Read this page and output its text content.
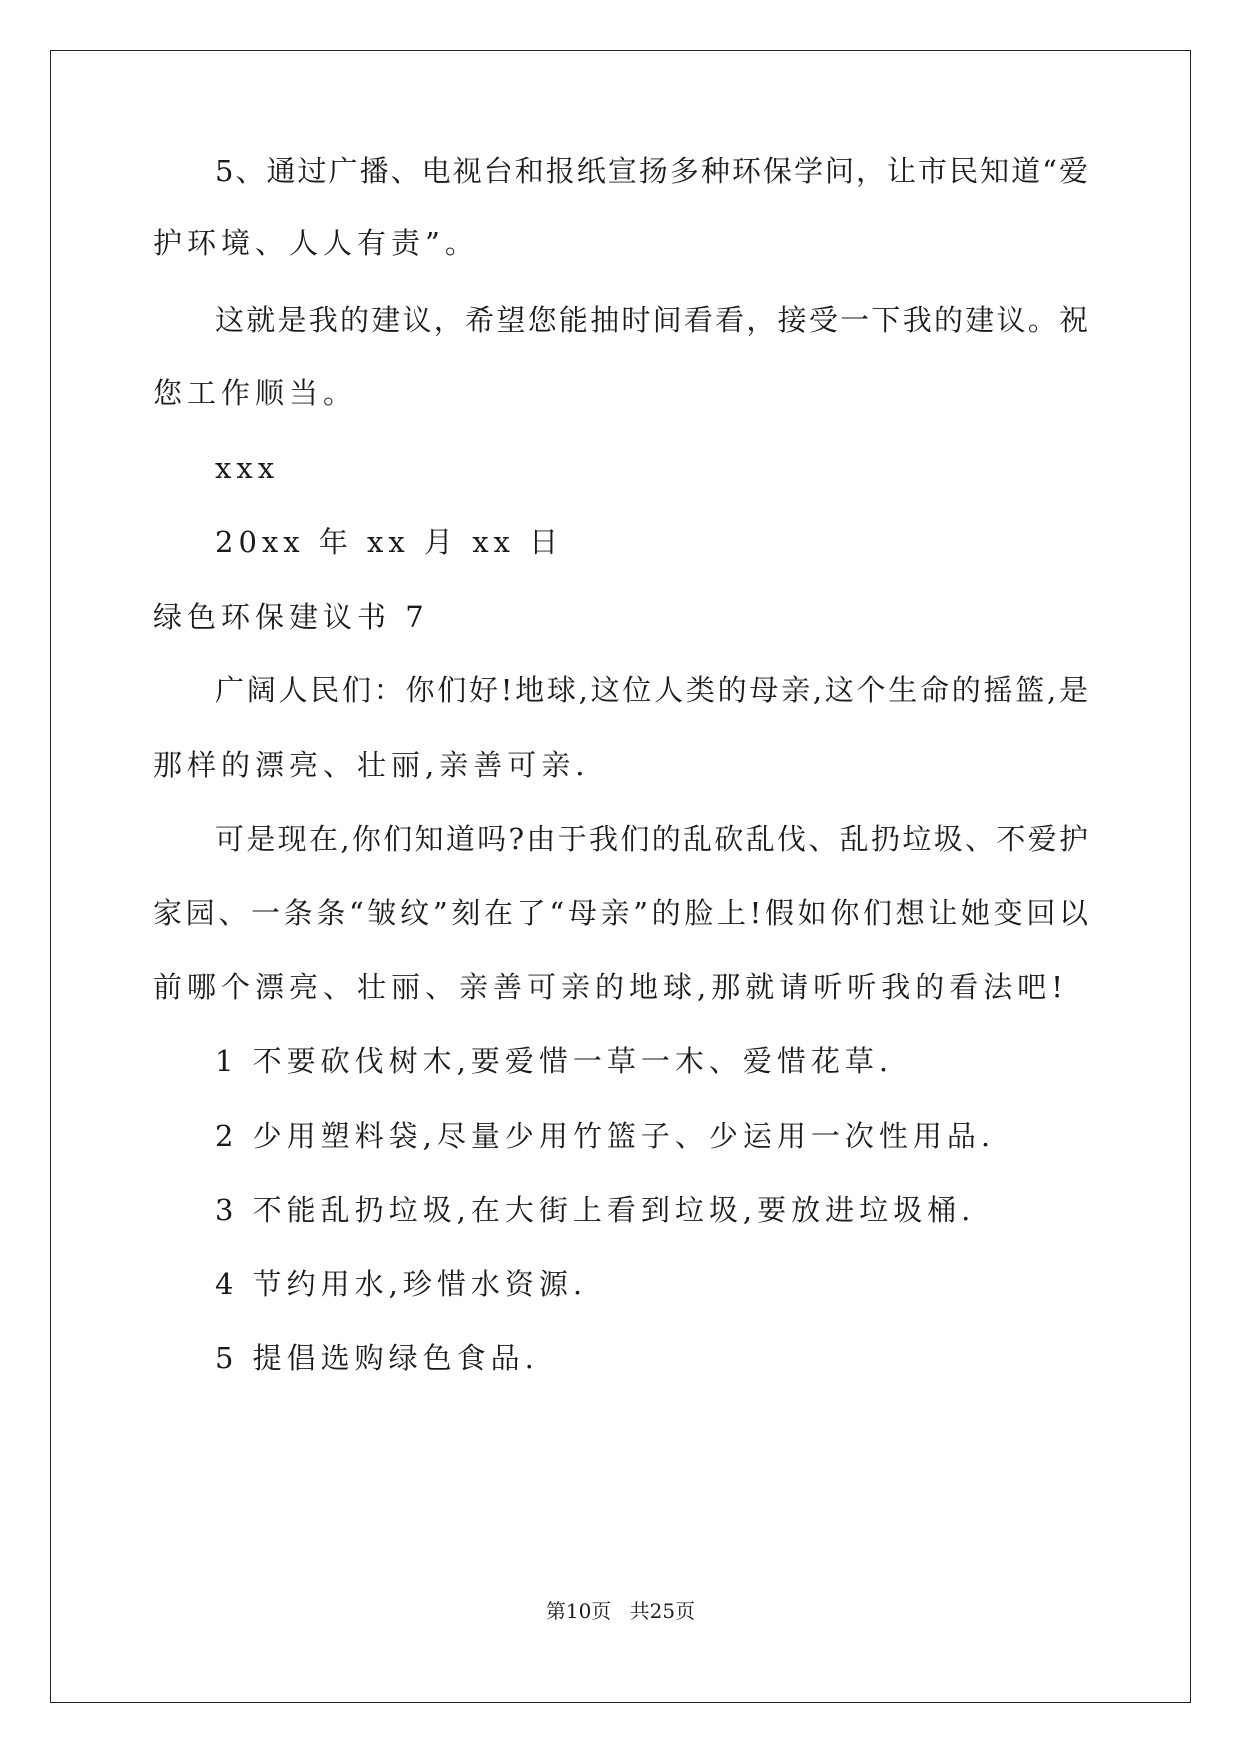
5、通过广播、电视台和报纸宣扬多种环保学问，让市民知道“爱
护环境、人人有责”。
这就是我的建议，希望您能抽时间看看，接受一下我的建议。祝
您工作顺当。
xxx
20xx 年 xx 月 xx 日
绿色环保建议书 7
广阔人民们：你们好!地球,这位人类的母亲,这个生命的摇篮,是
那样的漂亮、壮丽,亲善可亲.
可是现在,你们知道吗?由于我们的乱砍乱伐、乱扔垃圾、不爱护
家园、一条条“皱纹”刻在了“母亲”的脸上!假如你们想让她变回以
前哪个漂亮、壮丽、亲善可亲的地球,那就请听听我的看法吧!
1 不要砍伐树木,要爱惜一草一木、爱惜花草.
2 少用塑料袋,尽量少用竹篮子、少运用一次性用品.
3 不能乱扔垃圾,在大街上看到垃圾,要放进垃圾桶.
4 节约用水,珍惜水资源.
5 提倡选购绿色食品.
第10页 共25页
